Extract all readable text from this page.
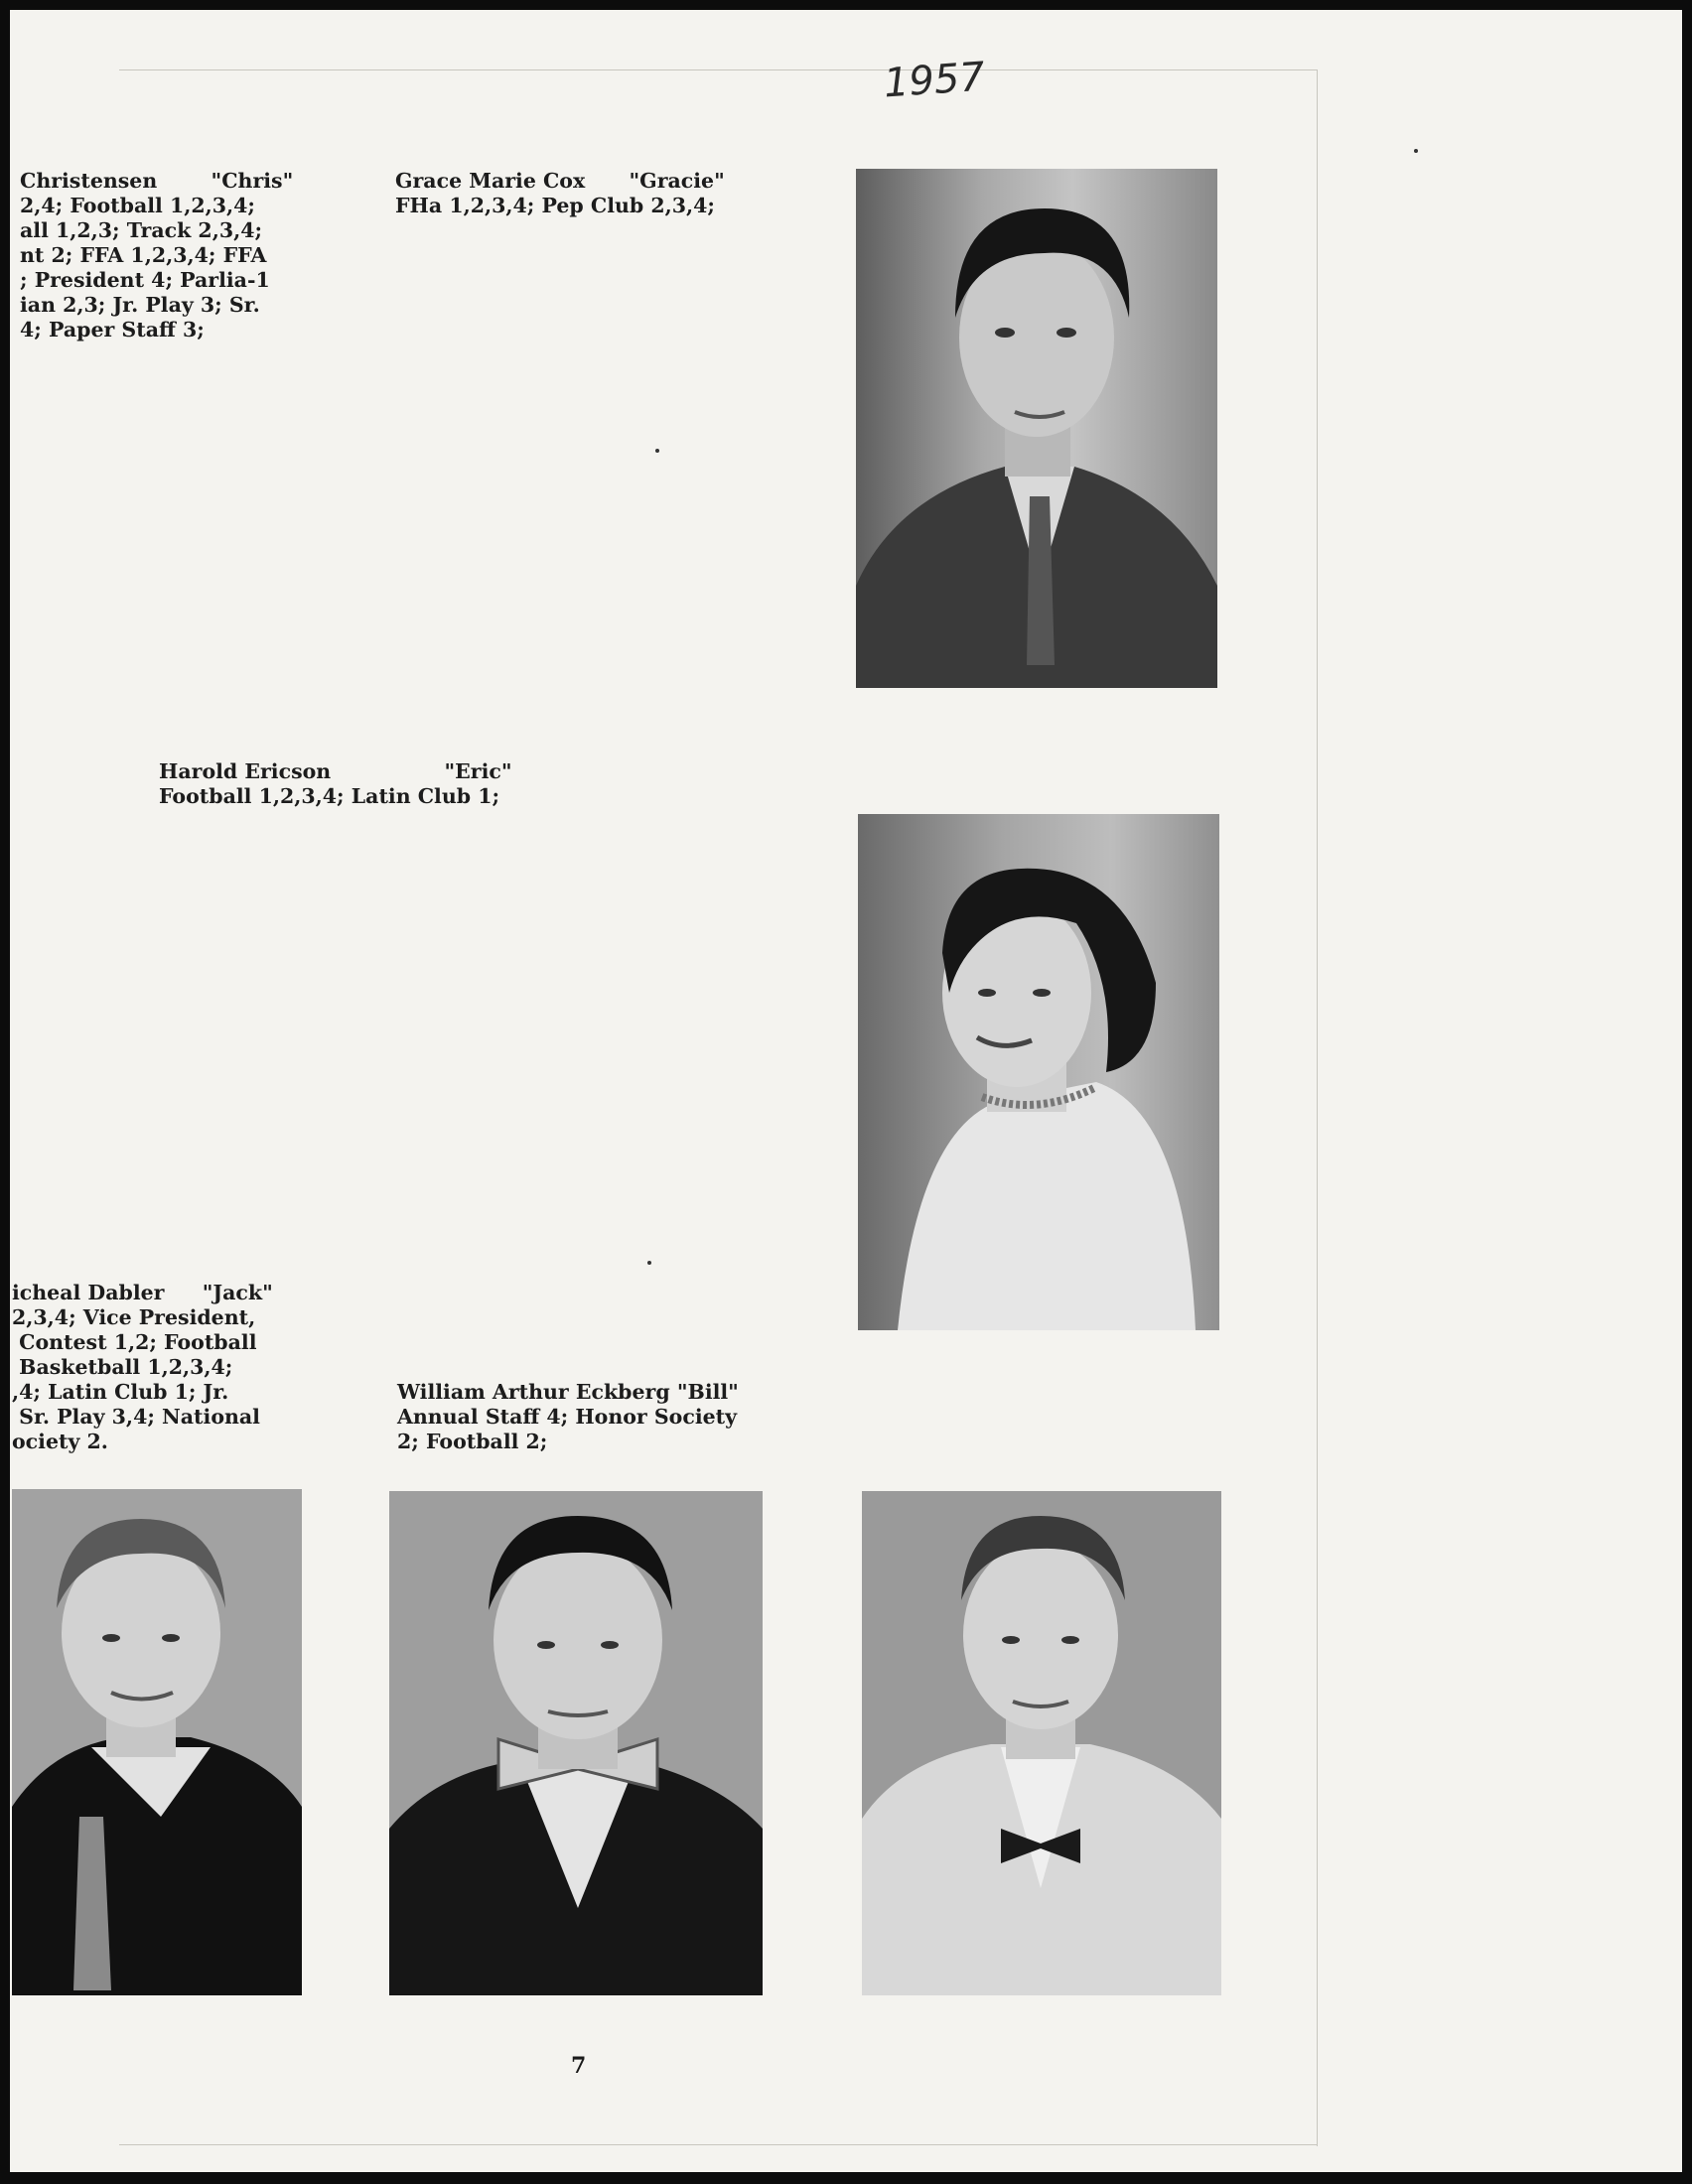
1957
Christensen	"Chris"
2,4; Football 1,2,3,4;
all 1,2,3; Track 2,3,4;
nt 2; FFA 1,2,3,4; FFA
; President 4; Parlia-1
ian 2,3; Jr. Play 3; Sr.
4; Paper Staff 3;
Grace Marie Cox "Gracie"
FHa 1,2,3,4; Pep Club 2,3,4;
Harold Ericson	"Eric"
Football 1,2,3,4; Latin Club 1;
icheal Dabler "Jack"
2,3,4; Vice President,
Contest 1,2; Football
Basketball 1,2,3,4;
,4; Latin Club 1; Jr.
Sr. Play 3,4; National
ociety 2.
William Arthur Eckberg "Bill"
Annual Staff 4; Honor Society
2; Football 2;
7
